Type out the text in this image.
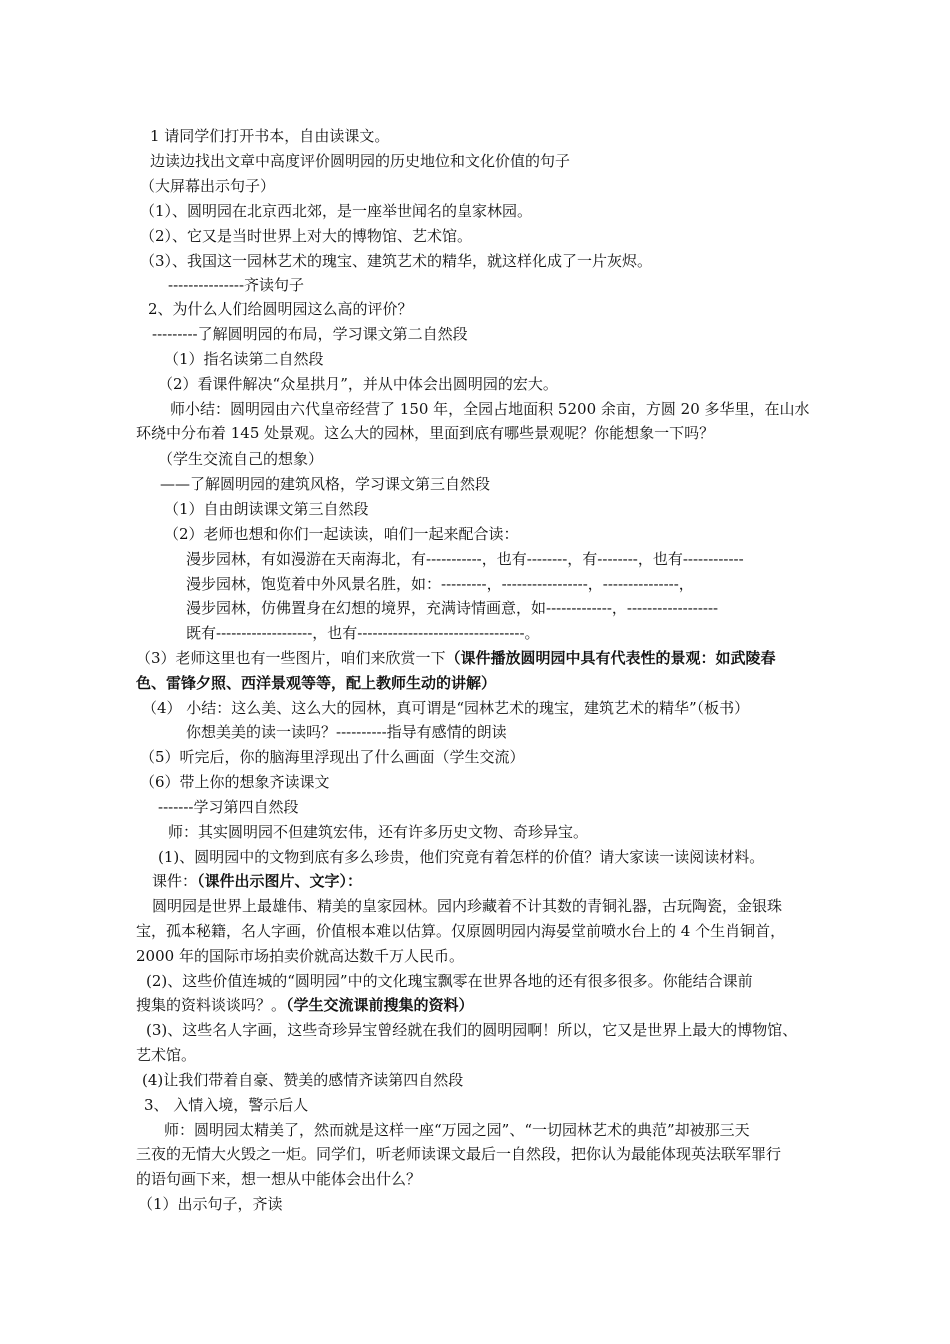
1 请同学们打开书本，自由读课文。
边读边找出文章中高度评价圆明园的历史地位和文化价值的句子
（大屏幕出示句子）
（1）、圆明园在北京西北郊，是一座举世闻名的皇家林园。
（2）、它又是当时世界上对大的博物馆、艺术馆。
（3）、我国这一园林艺术的瑰宝、建筑艺术的精华，就这样化成了一片灰烬。
---------------齐读句子
2、为什么人们给圆明园这么高的评价？
---------了解圆明园的布局，学习课文第二自然段
（1）指名读第二自然段
（2）看课件解决“众星拱月”，并从中体会出圆明园的宏大。
师小结：圆明园由六代皇帝经营了 150 年，全园占地面积 5200 余亩，方圆 20 多华里，在山水
环绕中分布着 145 处景观。这么大的园林，里面到底有哪些景观呢？你能想象一下吗？
（学生交流自己的想象）
——了解圆明园的建筑风格，学习课文第三自然段
（1）自由朗读课文第三自然段
（2）老师也想和你们一起读读，咱们一起来配合读：
漫步园林，有如漫游在天南海北，有-----------，也有--------，有--------，也有------------
漫步园林，饱览着中外风景名胜，如：---------，-----------------，---------------，
漫步园林，仿佛置身在幻想的境界，充满诗情画意，如-------------，------------------
既有-------------------，也有---------------------------------。
（3）老师这里也有一些图片，咱们来欣赏一下（课件播放圆明园中具有代表性的景观：如武陵春
色、雷锋夕照、西洋景观等等，配上教师生动的讲解）
（4） 小结：这么美、这么大的园林，真可谓是“园林艺术的瑰宝，建筑艺术的精华”（板书）
你想美美的读一读吗？----------指导有感情的朗读
（5）听完后，你的脑海里浮现出了什么画面（学生交流）
（6）带上你的想象齐读课文
-------学习第四自然段
师：其实圆明园不但建筑宏伟，还有许多历史文物、奇珍异宝。
(1)、圆明园中的文物到底有多么珍贵，他们究竟有着怎样的价值？请大家读一读阅读材料。
课件：（课件出示图片、文字）：
圆明园是世界上最雄伟、精美的皇家园林。园内珍藏着不计其数的青铜礼器，古玩陶瓷，金银珠
宝，孤本秘籍，名人字画，价值根本难以估算。仅原圆明园内海晏堂前喷水台上的 4 个生肖铜首，
2000 年的国际市场拍卖价就高达数千万人民币。
(2)、这些价值连城的“圆明园”中的文化瑰宝飘零在世界各地的还有很多很多。你能结合课前
搜集的资料谈谈吗？。（学生交流课前搜集的资料）
(3)、这些名人字画，这些奇珍异宝曾经就在我们的圆明园啊！所以，它又是世界上最大的博物馆、
艺术馆。
(4)让我们带着自豪、赞美的感情齐读第四自然段
3、 入情入境，警示后人
师：圆明园太精美了，然而就是这样一座“万园之园”、“一切园林艺术的典范”却被那三天
三夜的无情大火毁之一炬。同学们，听老师读课文最后一自然段，把你认为最能体现英法联军罪行
的语句画下来，想一想从中能体会出什么？
（1）出示句子，齐读
